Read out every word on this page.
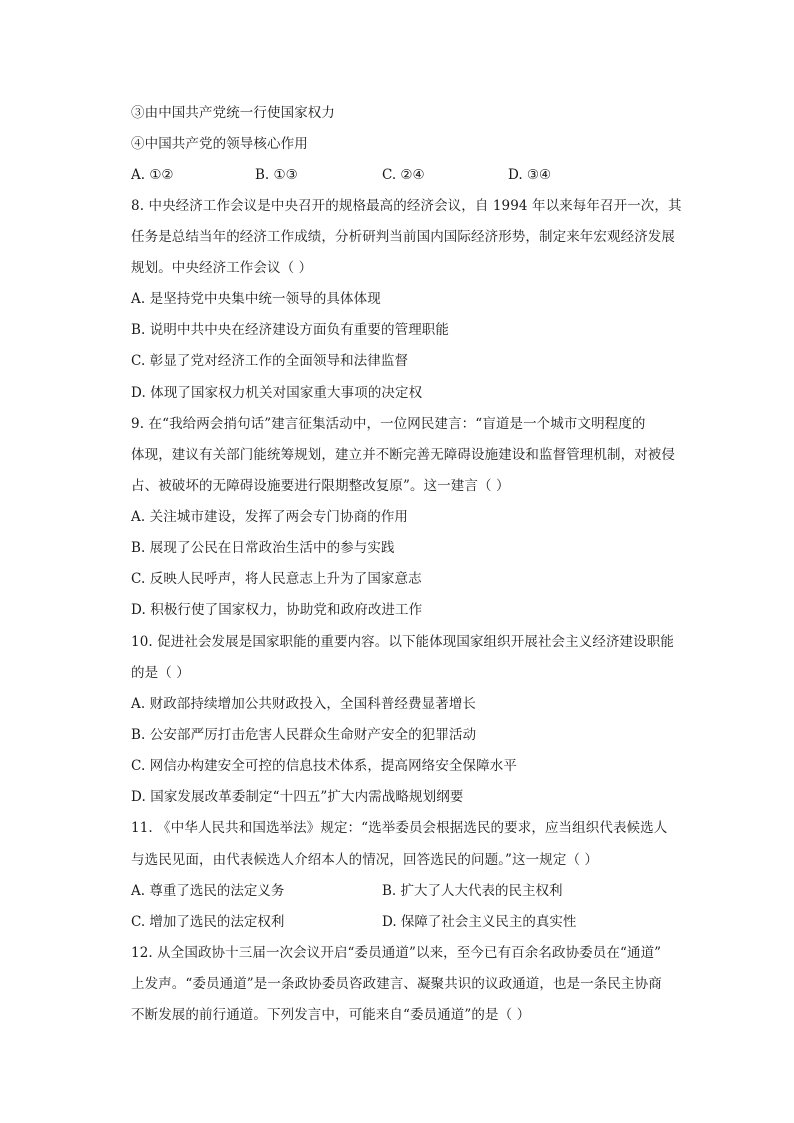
③由中国共产党统一行使国家权力
④中国共产党的领导核心作用
A. ①②	B. ①③	C. ②④	D. ③④
8. 中央经济工作会议是中央召开的规格最高的经济会议，自 1994 年以来每年召开一次，其
任务是总结当年的经济工作成绩，分析研判当前国内国际经济形势，制定来年宏观经济发展
规划。中央经济工作会议（ ）
A. 是坚持党中央集中统一领导的具体体现
B. 说明中共中央在经济建设方面负有重要的管理职能
C. 彰显了党对经济工作的全面领导和法律监督
D. 体现了国家权力机关对国家重大事项的决定权
9. 在“我给两会捎句话”建言征集活动中，一位网民建言：“盲道是一个城市文明程度的
体现，建议有关部门能统筹规划，建立并不断完善无障碍设施建设和监督管理机制，对被侵
占、被破坏的无障碍设施要进行限期整改复原”。这一建言（ ）
A. 关注城市建设，发挥了两会专门协商的作用
B. 展现了公民在日常政治生活中的参与实践
C. 反映人民呼声，将人民意志上升为了国家意志
D. 积极行使了国家权力，协助党和政府改进工作
10. 促进社会发展是国家职能的重要内容。以下能体现国家组织开展社会主义经济建设职能
的是（ ）
A. 财政部持续增加公共财政投入，全国科普经费显著增长
B. 公安部严厉打击危害人民群众生命财产安全的犯罪活动
C. 网信办构建安全可控的信息技术体系，提高网络安全保障水平
D. 国家发展改革委制定“十四五”扩大内需战略规划纲要
11. 《中华人民共和国选举法》规定：“选举委员会根据选民的要求，应当组织代表候选人
与选民见面，由代表候选人介绍本人的情况，回答选民的问题。”这一规定（ ）
A. 尊重了选民的法定义务	B. 扩大了人大代表的民主权利
C. 增加了选民的法定权利	D. 保障了社会主义民主的真实性
12. 从全国政协十三届一次会议开启“委员通道”以来，至今已有百余名政协委员在“通道”
上发声。“委员通道”是一条政协委员咨政建言、凝聚共识的议政通道，也是一条民主协商
不断发展的前行通道。下列发言中，可能来自“委员通道”的是（ ）
